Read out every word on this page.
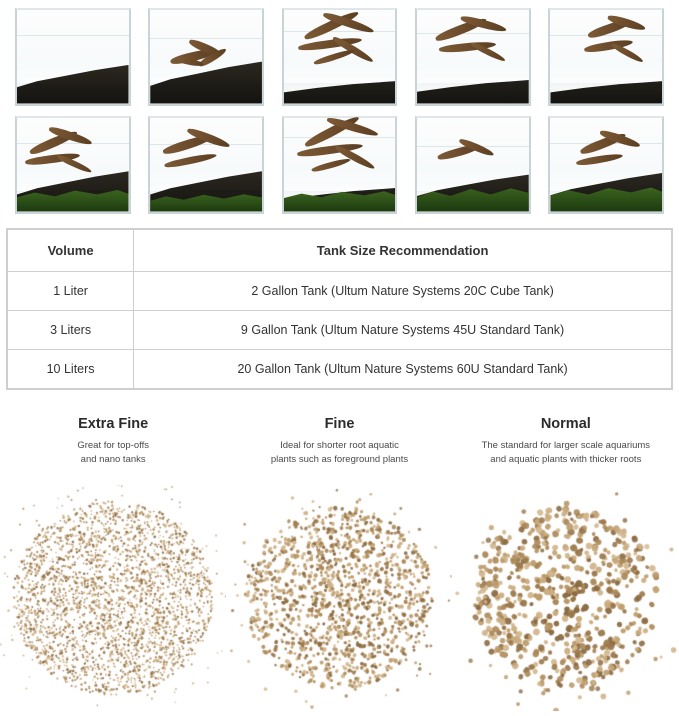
Volume	Tank Size Recommendation
1 Liter	2 Gallon Tank (Ultum Nature Systems 20C Cube Tank)
3 Liters	9 Gallon Tank (Ultum Nature Systems 45U Standard Tank)
10 Liters	20 Gallon Tank (Ultum Nature Systems 60U Standard Tank)
Extra Fine
Great for top-offs
and nano tanks
Fine
Ideal for shorter root aquatic
plants such as foreground plants
Normal
The standard for larger scale aquariums
and aquatic plants with thicker roots
